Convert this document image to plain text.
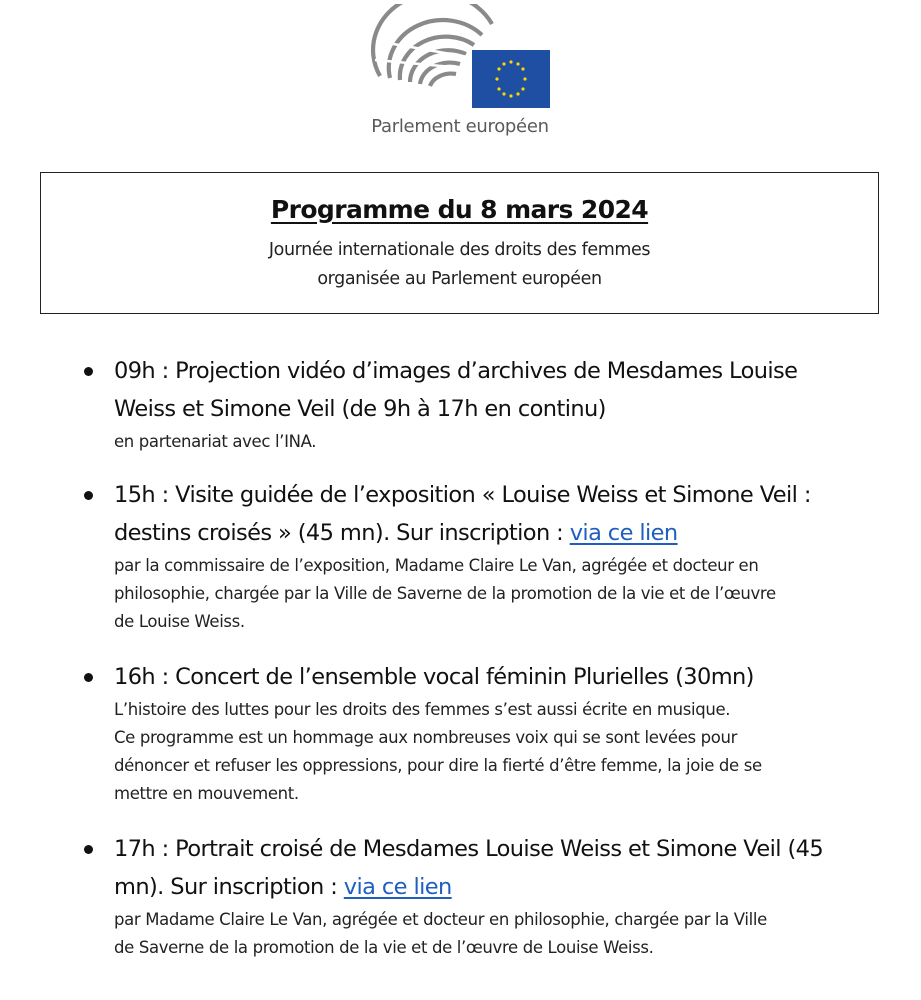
Parlement européen
Programme du 8 mars 2024
Journée internationale des droits des femmes
organisée au Parlement européen

09h : Projection vidéo d’images d’archives de Mesdames Louise
Weiss et Simone Veil (de 9h à 17h en continu)

en partenariat avec l’INA.

15h : Visite guidée de l’exposition « Louise Weiss et Simone Veil :
destins croisés » (45 mn). Sur inscription : via ce lien

par la commissaire de l’exposition, Madame Claire Le Van, agrégée et docteur en
philosophie, chargée par la Ville de Saverne de la promotion de la vie et de l’œuvre
de Louise Weiss.

16h : Concert de l’ensemble vocal féminin Plurielles (30mn)

L’histoire des luttes pour les droits des femmes s’est aussi écrite en musique.
Ce programme est un hommage aux nombreuses voix qui se sont levées pour
dénoncer et refuser les oppressions, pour dire la fierté d’être femme, la joie de se
mettre en mouvement.

17h : Portrait croisé de Mesdames Louise Weiss et Simone Veil (45
mn). Sur inscription : via ce lien

par Madame Claire Le Van, agrégée et docteur en philosophie, chargée par la Ville
de Saverne de la promotion de la vie et de l’œuvre de Louise Weiss.
